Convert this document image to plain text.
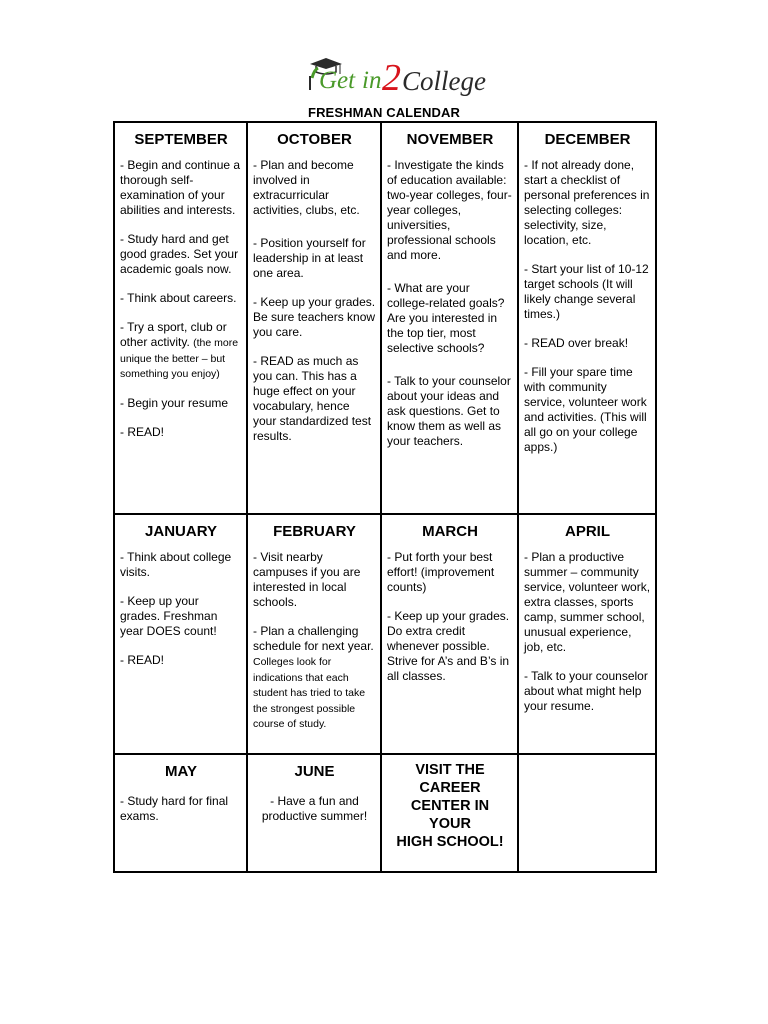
Get in 2 College
FRESHMAN CALENDAR
SEPTEMBER
- Begin and continue a thorough self-examination of your abilities and interests.
- Study hard and get good grades. Set your academic goals now.
- Think about careers.
- Try a sport, club or other activity. (the more unique the better – but something you enjoy)
- Begin your resume
- READ!
OCTOBER
- Plan and become involved in extracurricular activities, clubs, etc.
- Position yourself for leadership in at least one area.
- Keep up your grades. Be sure teachers know you care.
- READ as much as you can. This has a huge effect on your vocabulary, hence your standardized test results.
NOVEMBER
- Investigate the kinds of education available: two-year colleges, four-year colleges, universities, professional schools and more.
- What are your college-related goals? Are you interested in the top tier, most selective schools?
- Talk to your counselor about your ideas and ask questions. Get to know them as well as your teachers.
DECEMBER
- If not already done, start a checklist of personal preferences in selecting colleges: selectivity, size, location, etc.
- Start your list of 10-12 target schools (It will likely change several times.)
- READ over break!
- Fill your spare time with community service, volunteer work and activities. (This will all go on your college apps.)
JANUARY
- Think about college visits.
- Keep up your grades. Freshman year DOES count!
- READ!
FEBRUARY
- Visit nearby campuses if you are interested in local schools.
- Plan a challenging schedule for next year. Colleges look for indications that each student has tried to take the strongest possible course of study.
MARCH
- Put forth your best effort! (improvement counts)
- Keep up your grades. Do extra credit whenever possible. Strive for A’s and B’s in all classes.
APRIL
- Plan a productive summer – community service, volunteer work, extra classes, sports camp, summer school, unusual experience, job, etc.
- Talk to your counselor about what might help your resume.
MAY
- Study hard for final exams.
JUNE
- Have a fun and productive summer!
VISIT THE
CAREER
CENTER IN
YOUR
HIGH SCHOOL!
